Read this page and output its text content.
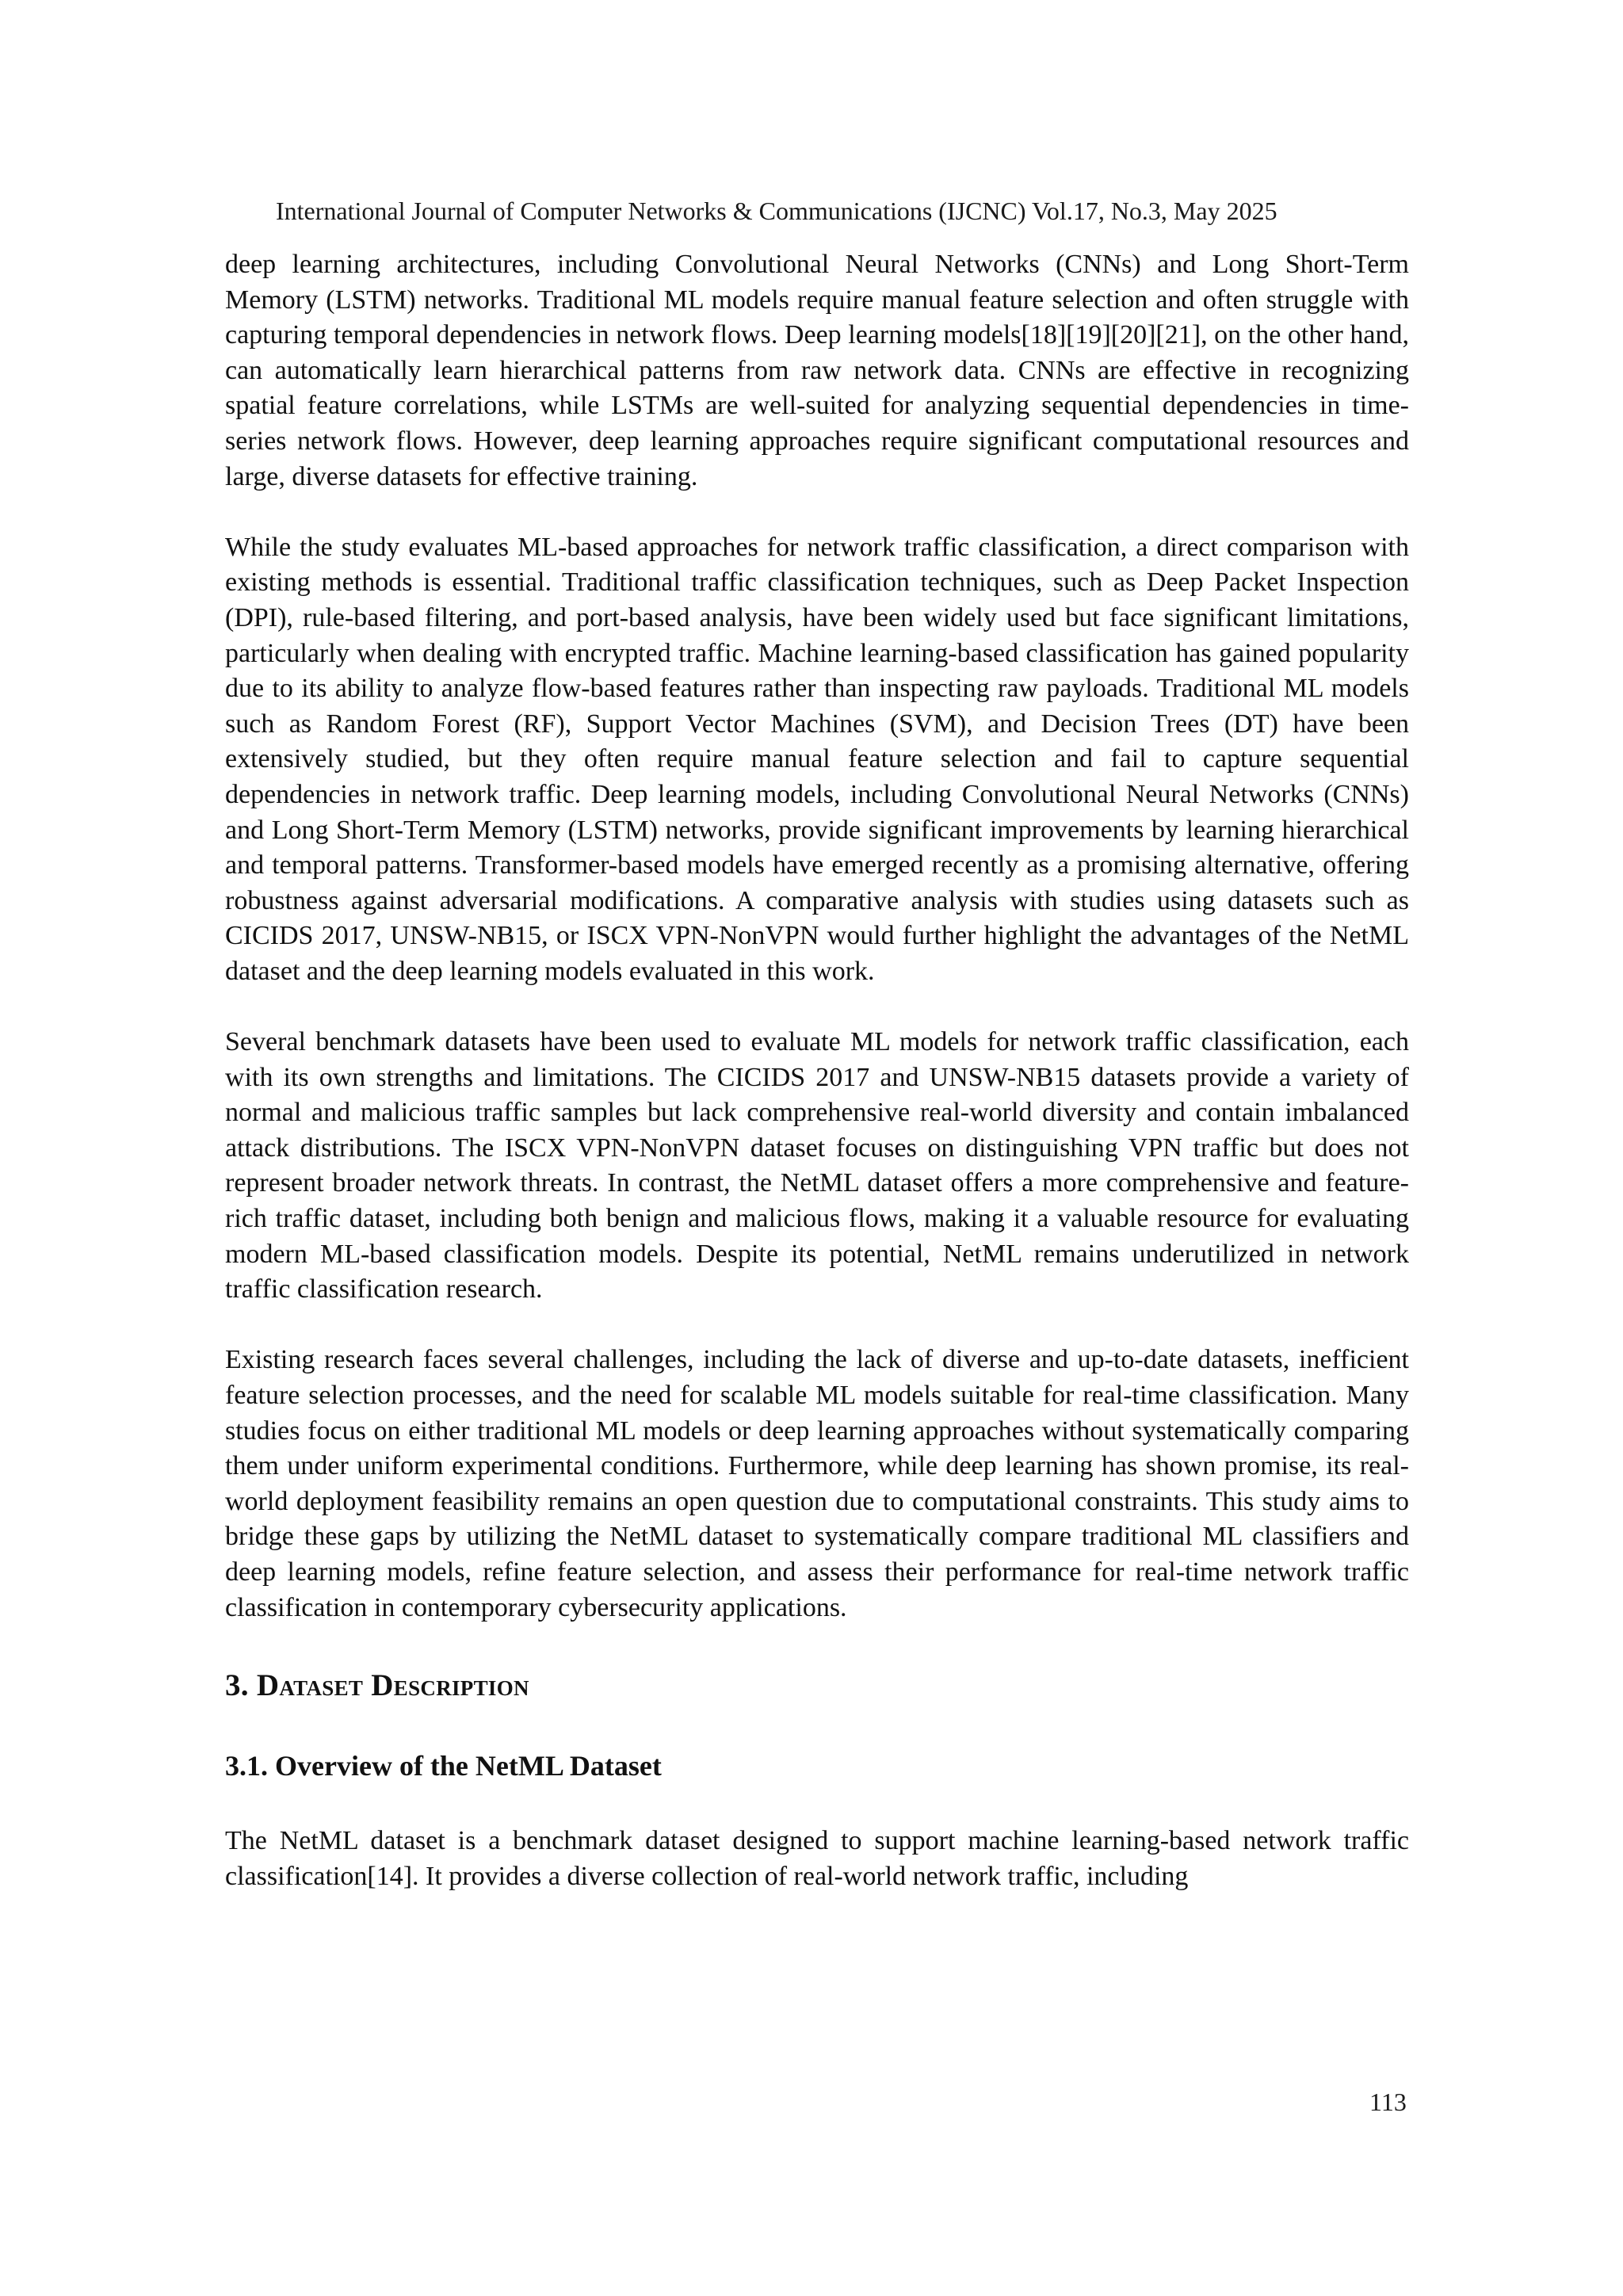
International Journal of Computer Networks & Communications (IJCNC) Vol.17, No.3, May 2025

deep learning architectures, including Convolutional Neural Networks (CNNs) and Long Short-Term Memory (LSTM) networks. Traditional ML models require manual feature selection and often struggle with capturing temporal dependencies in network flows. Deep learning models[18][19][20][21], on the other hand, can automatically learn hierarchical patterns from raw network data. CNNs are effective in recognizing spatial feature correlations, while LSTMs are well-suited for analyzing sequential dependencies in time-series network flows. However, deep learning approaches require significant computational resources and large, diverse datasets for effective training.

While the study evaluates ML-based approaches for network traffic classification, a direct comparison with existing methods is essential. Traditional traffic classification techniques, such as Deep Packet Inspection (DPI), rule-based filtering, and port-based analysis, have been widely used but face significant limitations, particularly when dealing with encrypted traffic. Machine learning-based classification has gained popularity due to its ability to analyze flow-based features rather than inspecting raw payloads. Traditional ML models such as Random Forest (RF), Support Vector Machines (SVM), and Decision Trees (DT) have been extensively studied, but they often require manual feature selection and fail to capture sequential dependencies in network traffic. Deep learning models, including Convolutional Neural Networks (CNNs) and Long Short-Term Memory (LSTM) networks, provide significant improvements by learning hierarchical and temporal patterns. Transformer-based models have emerged recently as a promising alternative, offering robustness against adversarial modifications. A comparative analysis with studies using datasets such as CICIDS 2017, UNSW-NB15, or ISCX VPN-NonVPN would further highlight the advantages of the NetML dataset and the deep learning models evaluated in this work.

Several benchmark datasets have been used to evaluate ML models for network traffic classification, each with its own strengths and limitations. The CICIDS 2017 and UNSW-NB15 datasets provide a variety of normal and malicious traffic samples but lack comprehensive real-world diversity and contain imbalanced attack distributions. The ISCX VPN-NonVPN dataset focuses on distinguishing VPN traffic but does not represent broader network threats. In contrast, the NetML dataset offers a more comprehensive and feature-rich traffic dataset, including both benign and malicious flows, making it a valuable resource for evaluating modern ML-based classification models. Despite its potential, NetML remains underutilized in network traffic classification research.

Existing research faces several challenges, including the lack of diverse and up-to-date datasets, inefficient feature selection processes, and the need for scalable ML models suitable for real-time classification. Many studies focus on either traditional ML models or deep learning approaches without systematically comparing them under uniform experimental conditions. Furthermore, while deep learning has shown promise, its real-world deployment feasibility remains an open question due to computational constraints. This study aims to bridge these gaps by utilizing the NetML dataset to systematically compare traditional ML classifiers and deep learning models, refine feature selection, and assess their performance for real-time network traffic classification in contemporary cybersecurity applications.

3. Dataset Description
3.1. Overview of the NetML Dataset

The NetML dataset is a benchmark dataset designed to support machine learning-based network traffic classification[14]. It provides a diverse collection of real-world network traffic, including

113
